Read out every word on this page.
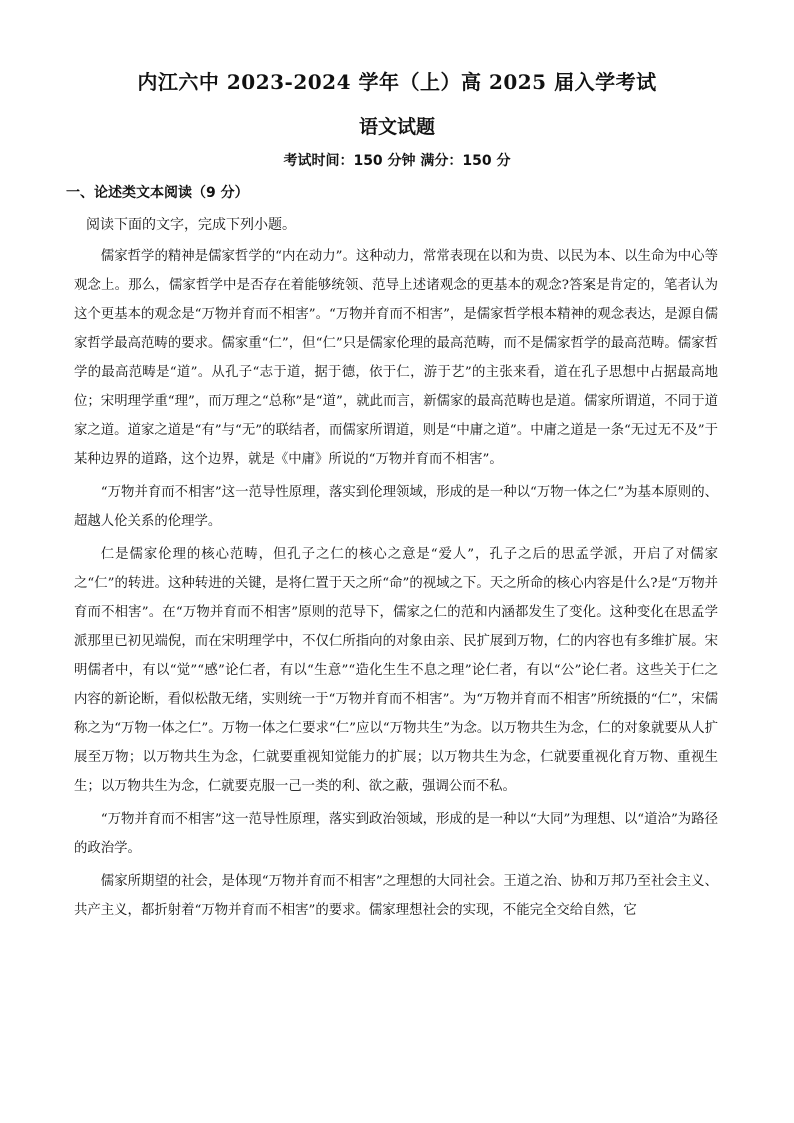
内江六中 2023-2024 学年（上）高 2025 届入学考试
语文试题
考试时间：150 分钟 满分：150 分
一、论述类文本阅读（9 分）
阅读下面的文字，完成下列小题。

儒家哲学的精神是儒家哲学的“内在动力”。这种动力，常常表现在以和为贵、以民为本、以生命为中心等观念上。那么，儒家哲学中是否存在着能够统领、范导上述诸观念的更基本的观念?答案是肯定的，笔者认为这个更基本的观念是“万物并育而不相害”。“万物并育而不相害”，是儒家哲学根本精神的观念表达，是源自儒家哲学最高范畴的要求。儒家重“仁”，但“仁”只是儒家伦理的最高范畴，而不是儒家哲学的最高范畴。儒家哲学的最高范畴是“道”。从孔子“志于道，据于德，依于仁，游于艺”的主张来看，道在孔子思想中占据最高地位；宋明理学重“理”，而万理之“总称”是“道”，就此而言，新儒家的最高范畴也是道。儒家所谓道，不同于道家之道。道家之道是“有”与“无”的联结者，而儒家所谓道，则是“中庸之道”。中庸之道是一条“无过无不及”于某种边界的道路，这个边界，就是《中庸》所说的“万物并育而不相害”。

“万物并育而不相害”这一范导性原理，落实到伦理领域，形成的是一种以“万物一体之仁”为基本原则的、超越人伦关系的伦理学。

仁是儒家伦理的核心范畴，但孔子之仁的核心之意是“爱人”，孔子之后的思孟学派，开启了对儒家之“仁”的转进。这种转进的关键，是将仁置于天之所“命”的视域之下。天之所命的核心内容是什么?是“万物并育而不相害”。在“万物并育而不相害”原则的范导下，儒家之仁的范和内涵都发生了变化。这种变化在思孟学派那里已初见端倪，而在宋明理学中，不仅仁所指向的对象由亲、民扩展到万物，仁的内容也有多维扩展。宋明儒者中，有以“觉”“感”论仁者，有以“生意”“造化生生不息之理”论仁者，有以“公”论仁者。这些关于仁之内容的新论断，看似松散无绪，实则统一于“万物并育而不相害”。为“万物并育而不相害”所统摄的“仁”，宋儒称之为“万物一体之仁”。万物一体之仁要求“仁”应以“万物共生”为念。以万物共生为念，仁的对象就要从人扩展至万物；以万物共生为念，仁就要重视知觉能力的扩展；以万物共生为念，仁就要重视化育万物、重视生生；以万物共生为念，仁就要克服一己一类的利、欲之蔽，强调公而不私。

“万物并育而不相害”这一范导性原理，落实到政治领域，形成的是一种以“大同”为理想、以“道洽”为路径的政治学。

儒家所期望的社会，是体现“万物并育而不相害”之理想的大同社会。王道之治、协和万邦乃至社会主义、共产主义，都折射着“万物并育而不相害”的要求。儒家理想社会的实现，不能完全交给自然，它
